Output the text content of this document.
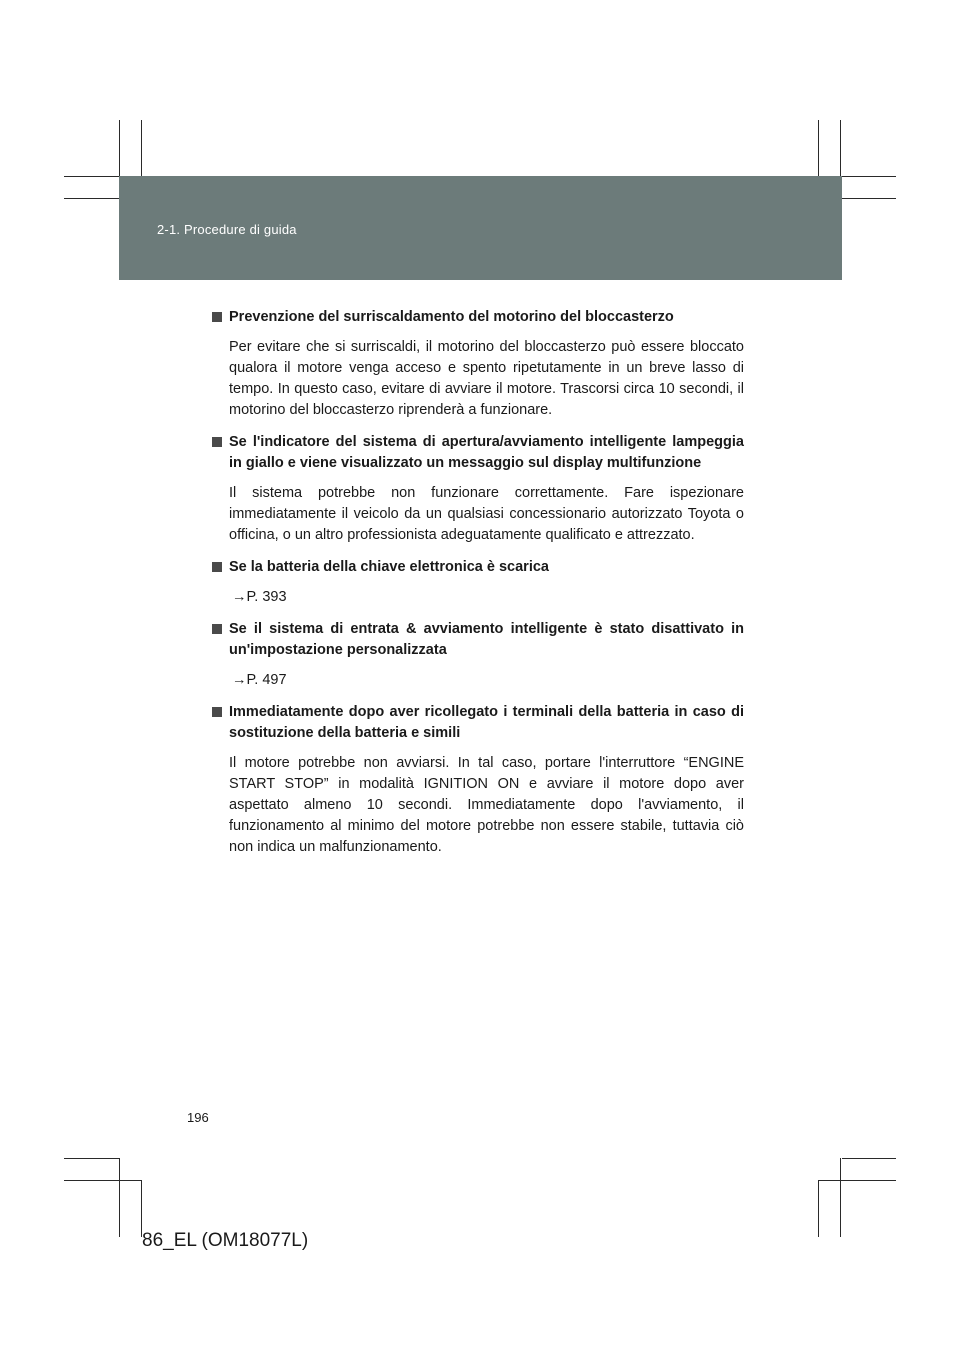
2-1. Procedure di guida
Prevenzione del surriscaldamento del motorino del bloccasterzo
Per evitare che si surriscaldi, il motorino del bloccasterzo può essere bloccato qualora il motore venga acceso e spento ripetutamente in un breve lasso di tempo. In questo caso, evitare di avviare il motore. Trascorsi circa 10 secondi, il motorino del bloccasterzo riprenderà a funzionare.
Se l'indicatore del sistema di apertura/avviamento intelligente lampeggia in giallo e viene visualizzato un messaggio sul display multifunzione
Il sistema potrebbe non funzionare correttamente. Fare ispezionare immediatamente il veicolo da un qualsiasi concessionario autorizzato Toyota o officina, o un altro professionista adeguatamente qualificato e attrezzato.
Se la batteria della chiave elettronica è scarica
→P. 393
Se il sistema di entrata & avviamento intelligente è stato disattivato in un'impostazione personalizzata
→P. 497
Immediatamente dopo aver ricollegato i terminali della batteria in caso di sostituzione della batteria e simili
Il motore potrebbe non avviarsi. In tal caso, portare l'interruttore “ENGINE START STOP” in modalità IGNITION ON e avviare il motore dopo aver aspettato almeno 10 secondi. Immediatamente dopo l'avviamento, il funzionamento al minimo del motore potrebbe non essere stabile, tuttavia ciò non indica un malfunzionamento.
196
86_EL (OM18077L)
